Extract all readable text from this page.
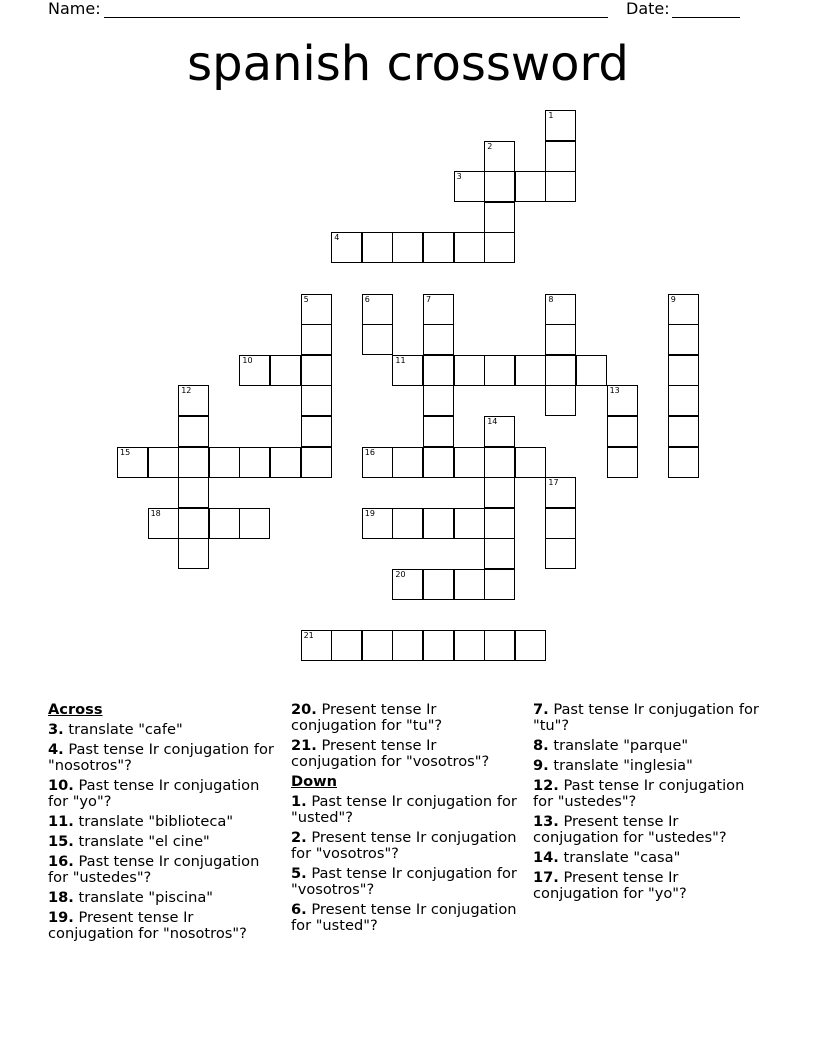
Name:	Date:
spanish crossword
1
2
3
4
5	6	7	8	9
10	11
12	13
14
15	16
17
18	19
20
21
Across
3. translate "cafe"
4. Past tense Ir conjugation for "nosotros"?
10. Past tense Ir conjugation for "yo"?
11. translate "biblioteca"
15. translate "el cine"
16. Past tense Ir conjugation for "ustedes"?
18. translate "piscina"
19. Present tense Ir conjugation for "nosotros"?
20. Present tense Ir conjugation for "tu"?
21. Present tense Ir conjugation for "vosotros"?
Down
1. Past tense Ir conjugation for "usted"?
2. Present tense Ir conjugation for "vosotros"?
5. Past tense Ir conjugation for "vosotros"?
6. Present tense Ir conjugation for "usted"?
7. Past tense Ir conjugation for "tu"?
8. translate "parque"
9. translate "inglesia"
12. Past tense Ir conjugation for "ustedes"?
13. Present tense Ir conjugation for "ustedes"?
14. translate "casa"
17. Present tense Ir conjugation for "yo"?
